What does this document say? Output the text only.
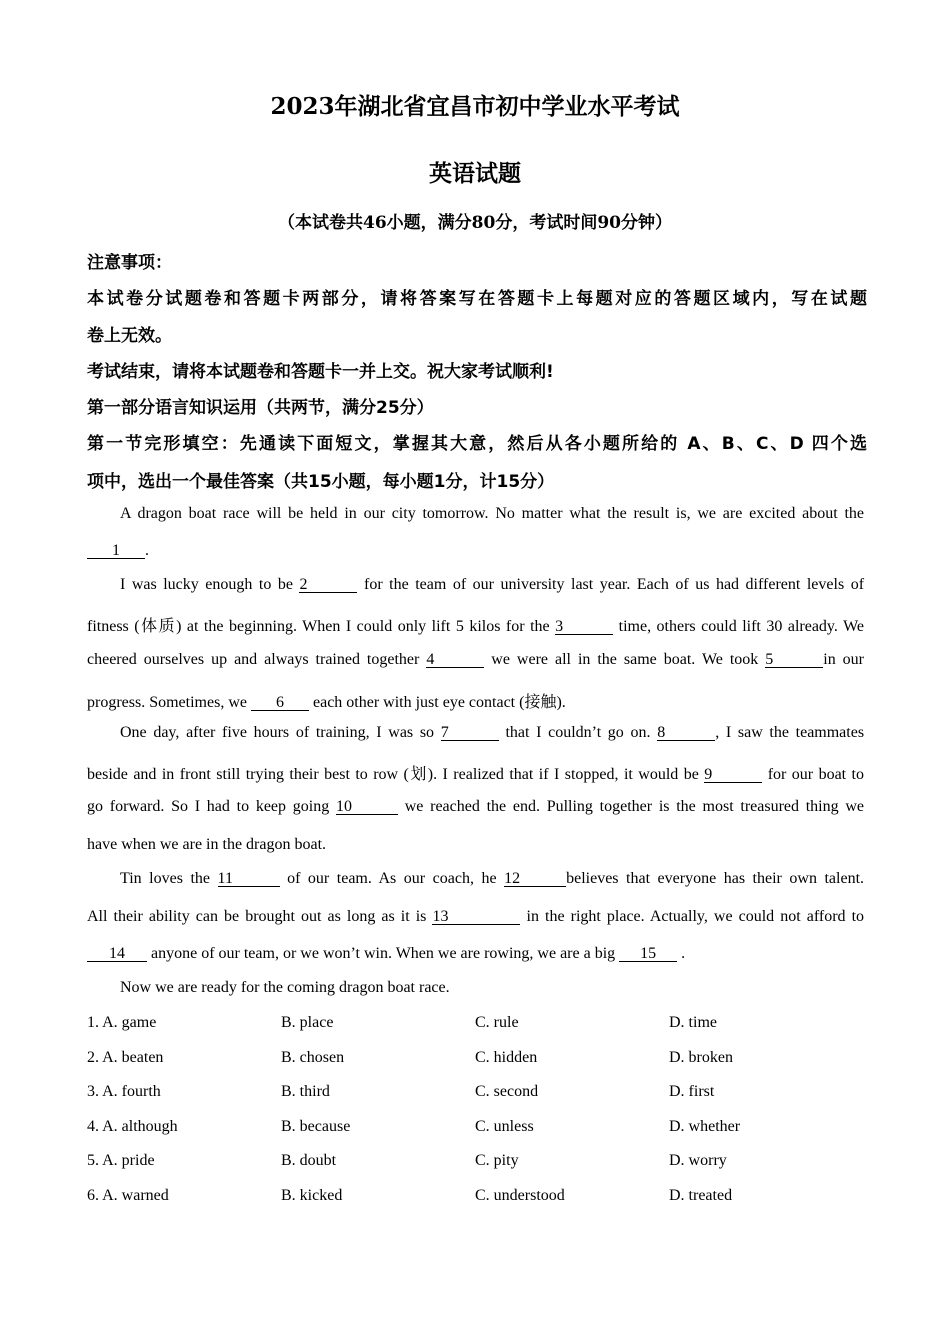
2023年湖北省宜昌市初中学业水平考试
英语试题
（本试卷共46小题，满分80分，考试时间90分钟）
注意事项：
本试卷分试题卷和答题卡两部分，请将答案写在答题卡上每题对应的答题区域内，写在试题
卷上无效。
考试结束，请将本试题卷和答题卡一并上交。祝大家考试顺利!
第一部分语言知识运用（共两节，满分25分）
第一节完形填空：先通读下面短文，掌握其大意，然后从各小题所给的 A、B、C、D 四个选
项中，选出一个最佳答案（共15小题，每小题1分，计15分）
A dragon boat race will be held in our city tomorrow. No matter what the result is, we are excited about the
1 .
I was lucky enough to be 2	for the team of our university last year. Each of us had different levels of
fitness (体质) at the beginning. When I could only lift 5 kilos for the 3	time, others could lift 30 already. We
cheered ourselves up and always trained together 4	we were all in the same boat. We took 5	in our
progress. Sometimes, we 6 each other with just eye contact (接触).
One day, after five hours of training, I was so 7	that I couldn’t go on. 8	, I saw the teammates
beside and in front still trying their best to row (划). I realized that if I stopped, it would be 9	for our boat to
go forward. So I had to keep going 10	we reached the end. Pulling together is the most treasured thing we
have when we are in the dragon boat.
Tin loves the 11	of our team. As our coach, he 12	believes that everyone has their own talent.
All their ability can be brought out as long as it is 13	in the right place. Actually, we could not afford to
14 anyone of our team, or we won’t win. When we are rowing, we are a big 15 .
Now we are ready for the coming dragon boat race.
1. A. game	B. place	C. rule	D. time
2. A. beaten	B. chosen	C. hidden	D. broken
3. A. fourth	B. third	C. second	D. first
4. A. although	B. because	C. unless	D. whether
5. A. pride	B. doubt	C. pity	D. worry
6. A. warned	B. kicked	C. understood	D. treated
